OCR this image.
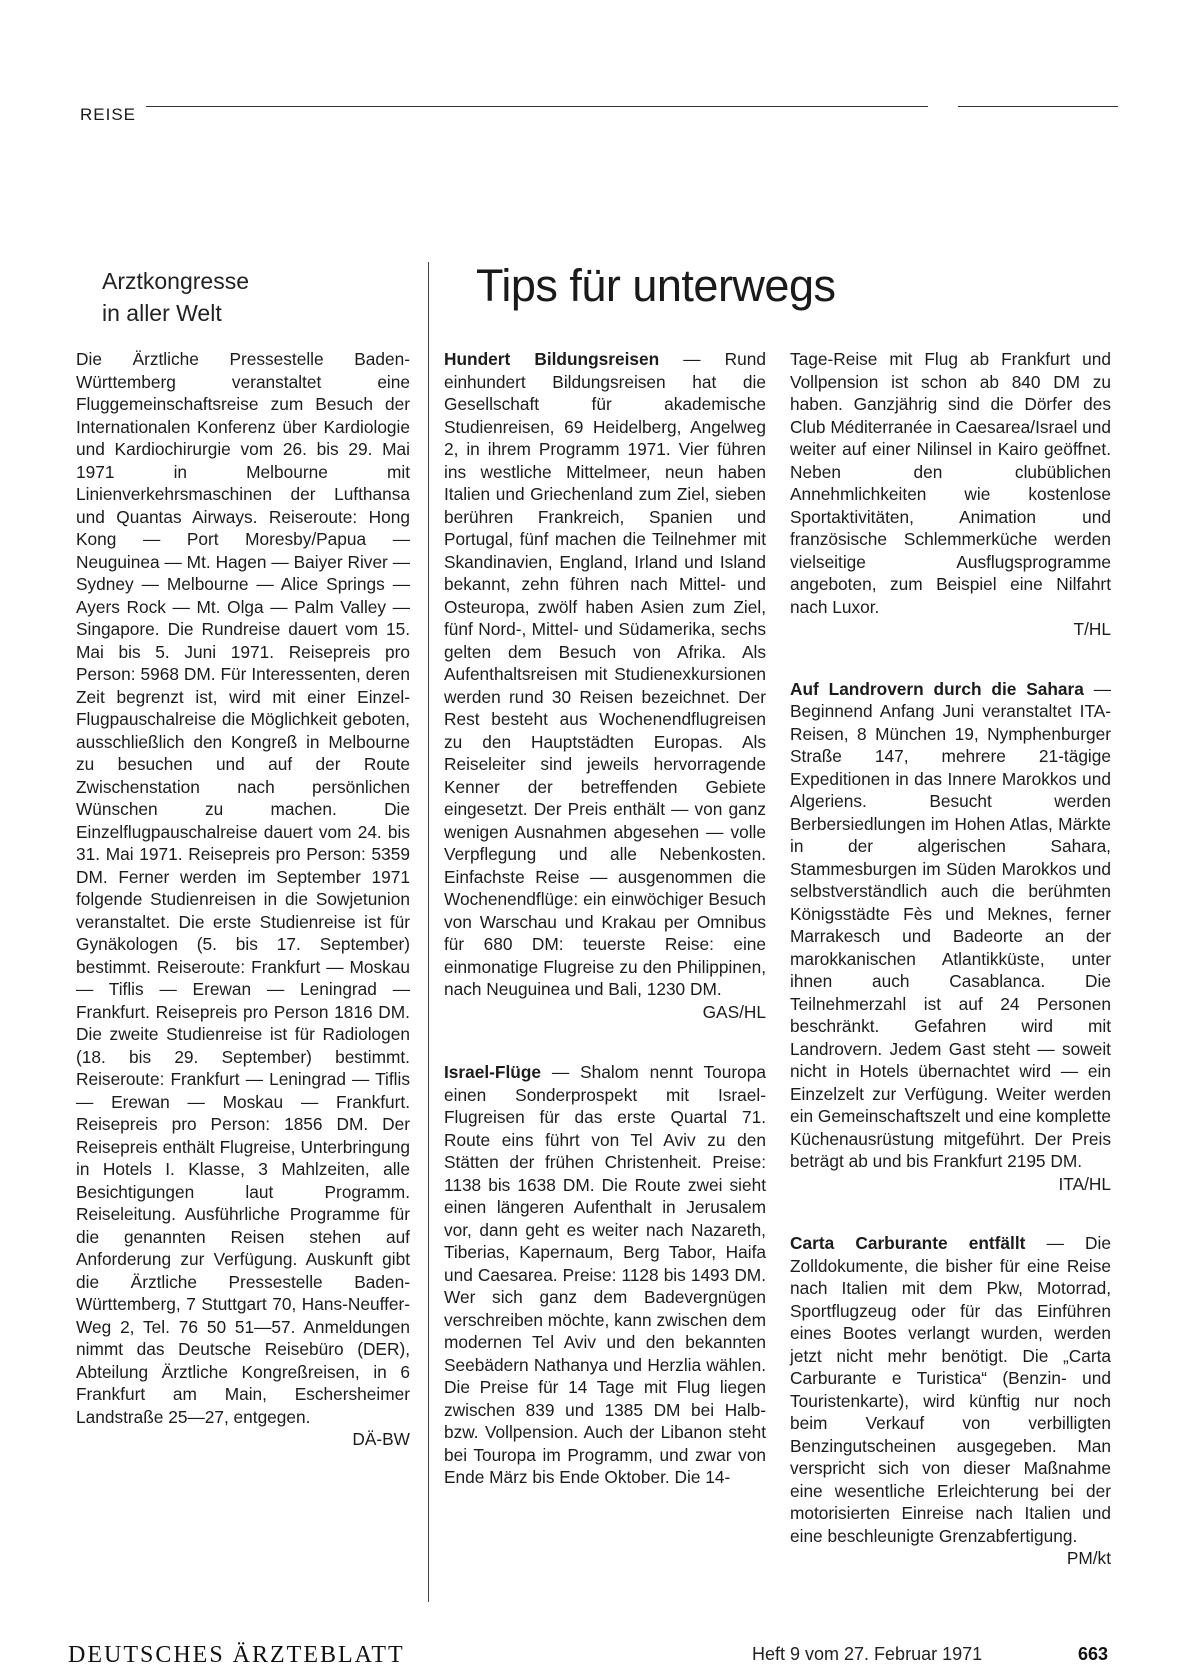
REISE
Arztkongresse
in aller Welt
Tips für unterwegs

Die Ärztliche Pressestelle Baden-Württemberg veranstaltet eine Fluggemeinschaftsreise zum Besuch der Internationalen Konferenz über Kardiologie und Kardiochirurgie vom 26. bis 29. Mai 1971 in Melbourne mit Linienverkehrsmaschinen der Lufthansa und Quantas Airways. Reiseroute: Hong Kong — Port Moresby/Papua — Neuguinea — Mt. Hagen — Baiyer River — Sydney — Melbourne — Alice Springs — Ayers Rock — Mt. Olga — Palm Valley — Singapore. Die Rundreise dauert vom 15. Mai bis 5. Juni 1971. Reisepreis pro Person: 5968 DM. Für Interessenten, deren Zeit begrenzt ist, wird mit einer Einzel-Flugpauschalreise die Möglichkeit geboten, ausschließlich den Kongreß in Melbourne zu besuchen und auf der Route Zwischenstation nach persönlichen Wünschen zu machen. Die Einzelflugpauschalreise dauert vom 24. bis 31. Mai 1971. Reisepreis pro Person: 5359 DM. Ferner werden im September 1971 folgende Studienreisen in die Sowjetunion veranstaltet. Die erste Studienreise ist für Gynäkologen (5. bis 17. September) bestimmt. Reiseroute: Frankfurt — Moskau — Tiflis — Erewan — Leningrad — Frankfurt. Reisepreis pro Person 1816 DM. Die zweite Studienreise ist für Radiologen (18. bis 29. September) bestimmt. Reiseroute: Frankfurt — Leningrad — Tiflis — Erewan — Moskau — Frankfurt. Reisepreis pro Person: 1856 DM. Der Reisepreis enthält Flugreise, Unterbringung in Hotels I. Klasse, 3 Mahlzeiten, alle Besichtigungen laut Programm. Reiseleitung. Ausführliche Programme für die genannten Reisen stehen auf Anforderung zur Verfügung. Auskunft gibt die Ärztliche Pressestelle Baden-Württemberg, 7 Stuttgart 70, Hans-Neuffer-Weg 2, Tel. 76 50 51—57. Anmeldungen nimmt das Deutsche Reisebüro (DER), Abteilung Ärztliche Kongreßreisen, in 6 Frankfurt am Main, Eschersheimer Landstraße 25—27, entgegen.

DÄ-BW

Hundert Bildungsreisen — Rund einhundert Bildungsreisen hat die Gesellschaft für akademische Studienreisen, 69 Heidelberg, Angelweg 2, in ihrem Programm 1971. Vier führen ins westliche Mittelmeer, neun haben Italien und Griechenland zum Ziel, sieben berühren Frankreich, Spanien und Portugal, fünf machen die Teilnehmer mit Skandinavien, England, Irland und Island bekannt, zehn führen nach Mittel- und Osteuropa, zwölf haben Asien zum Ziel, fünf Nord-, Mittel- und Südamerika, sechs gelten dem Besuch von Afrika. Als Aufenthaltsreisen mit Studienexkursionen werden rund 30 Reisen bezeichnet. Der Rest besteht aus Wochenendflugreisen zu den Hauptstädten Europas. Als Reiseleiter sind jeweils hervorragende Kenner der betreffenden Gebiete eingesetzt. Der Preis enthält — von ganz wenigen Ausnahmen abgesehen — volle Verpflegung und alle Nebenkosten. Einfachste Reise — ausgenommen die Wochenendflüge: ein einwöchiger Besuch von Warschau und Krakau per Omnibus für 680 DM: teuerste Reise: eine einmonatige Flugreise zu den Philippinen, nach Neuguinea und Bali, 1230 DM.

GAS/HL

Israel-Flüge — Shalom nennt Touropa einen Sonderprospekt mit Israel-Flugreisen für das erste Quartal 71. Route eins führt von Tel Aviv zu den Stätten der frühen Christenheit. Preise: 1138 bis 1638 DM. Die Route zwei sieht einen längeren Aufenthalt in Jerusalem vor, dann geht es weiter nach Nazareth, Tiberias, Kapernaum, Berg Tabor, Haifa und Caesarea. Preise: 1128 bis 1493 DM. Wer sich ganz dem Badevergnügen verschreiben möchte, kann zwischen dem modernen Tel Aviv und den bekannten Seebädern Nathanya und Herzlia wählen. Die Preise für 14 Tage mit Flug liegen zwischen 839 und 1385 DM bei Halb- bzw. Vollpension. Auch der Libanon steht bei Touropa im Programm, und zwar von Ende März bis Ende Oktober. Die 14-

Tage-Reise mit Flug ab Frankfurt und Vollpension ist schon ab 840 DM zu haben. Ganzjährig sind die Dörfer des Club Méditerranée in Caesarea/Israel und weiter auf einer Nilinsel in Kairo geöffnet. Neben den clubüblichen Annehmlichkeiten wie kostenlose Sportaktivitäten, Animation und französische Schlemmerküche werden vielseitige Ausflugsprogramme angeboten, zum Beispiel eine Nilfahrt nach Luxor.

T/HL

Auf Landrovern durch die Sahara — Beginnend Anfang Juni veranstaltet ITA-Reisen, 8 München 19, Nymphenburger Straße 147, mehrere 21-tägige Expeditionen in das Innere Marokkos und Algeriens. Besucht werden Berbersiedlungen im Hohen Atlas, Märkte in der algerischen Sahara, Stammesburgen im Süden Marokkos und selbstverständlich auch die berühmten Königsstädte Fès und Meknes, ferner Marrakesch und Badeorte an der marokkanischen Atlantikküste, unter ihnen auch Casablanca. Die Teilnehmerzahl ist auf 24 Personen beschränkt. Gefahren wird mit Landrovern. Jedem Gast steht — soweit nicht in Hotels übernachtet wird — ein Einzelzelt zur Verfügung. Weiter werden ein Gemeinschaftszelt und eine komplette Küchenausrüstung mitgeführt. Der Preis beträgt ab und bis Frankfurt 2195 DM.

ITA/HL

Carta Carburante entfällt — Die Zolldokumente, die bisher für eine Reise nach Italien mit dem Pkw, Motorrad, Sportflugzeug oder für das Einführen eines Bootes verlangt wurden, werden jetzt nicht mehr benötigt. Die „Carta Carburante e Turistica“ (Benzin- und Touristenkarte), wird künftig nur noch beim Verkauf von verbilligten Benzingutscheinen ausgegeben. Man verspricht sich von dieser Maßnahme eine wesentliche Erleichterung bei der motorisierten Einreise nach Italien und eine beschleunigte Grenzabfertigung.

PM/kt

DEUTSCHES ÄRZTEBLATT	Heft 9 vom 27. Februar 1971	663
